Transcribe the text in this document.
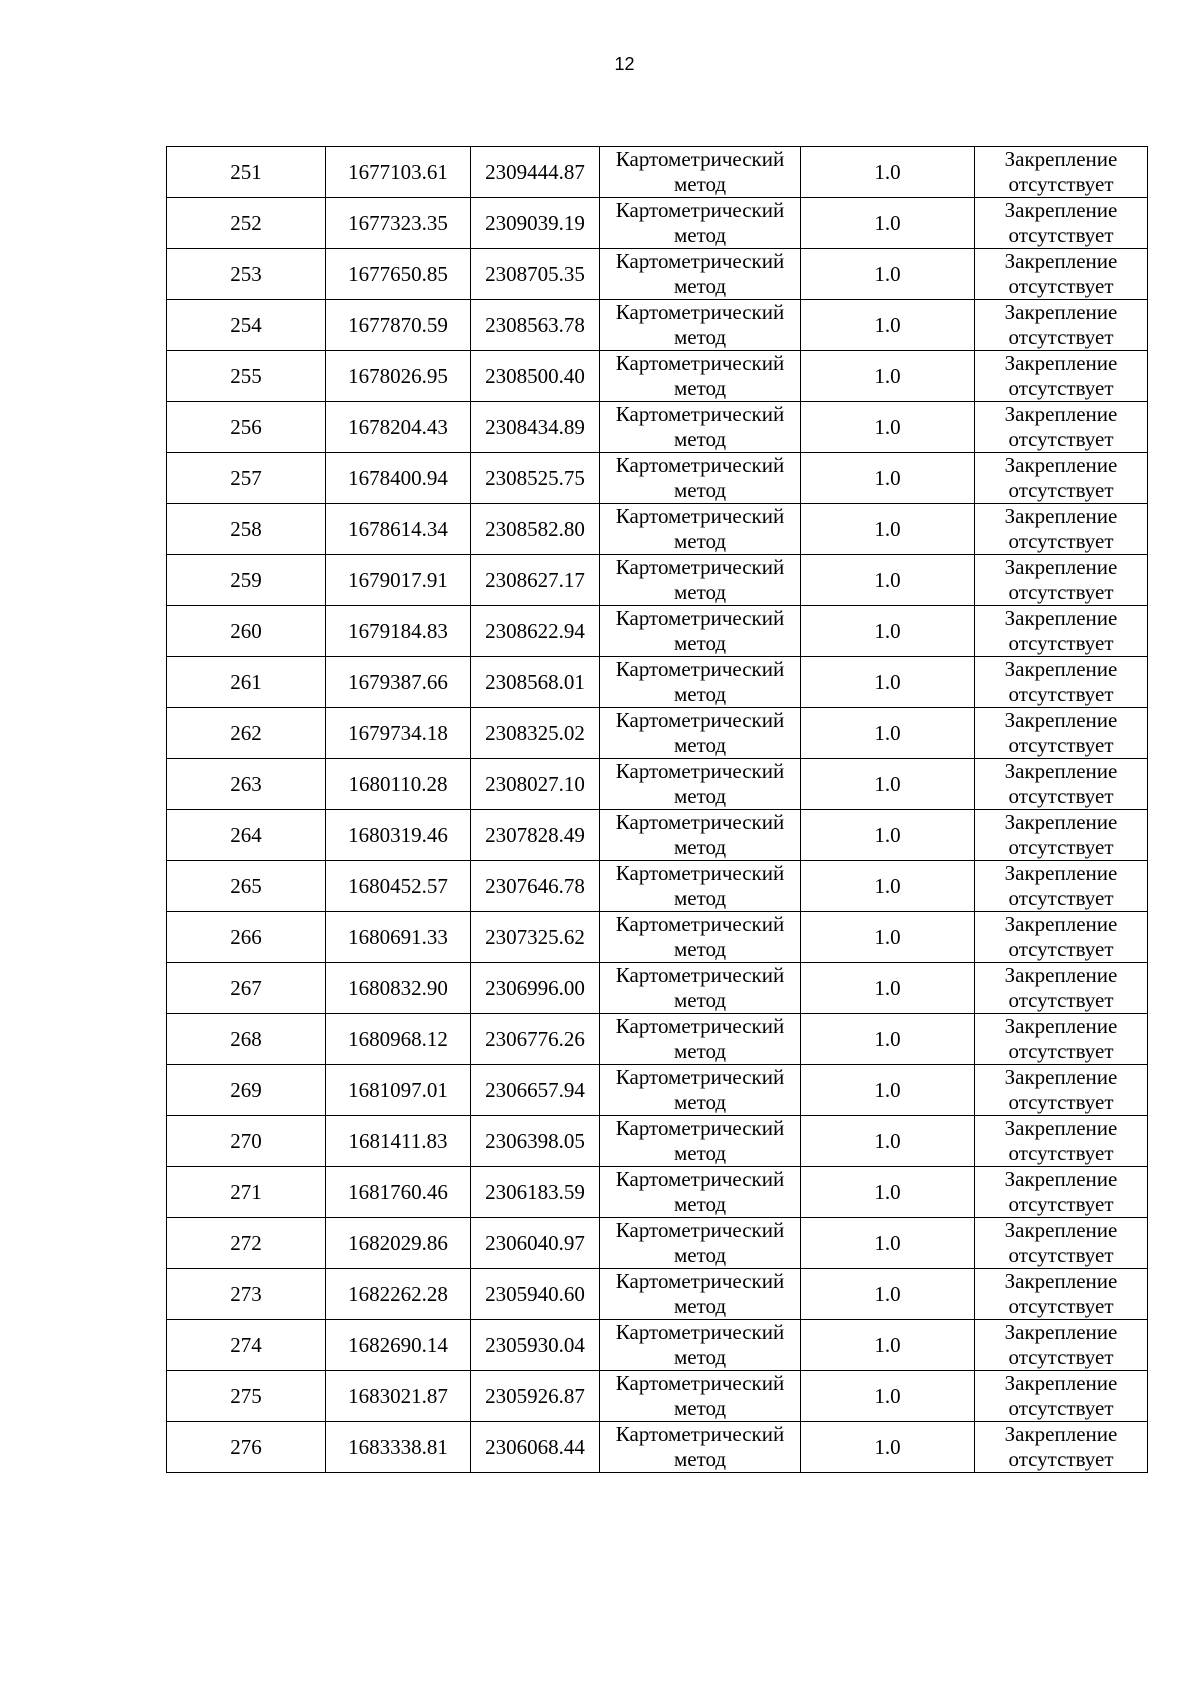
12
251	1677103.61	2309444.87	Картометрический метод	1.0	Закрепление отсутствует
252	1677323.35	2309039.19	Картометрический метод	1.0	Закрепление отсутствует
253	1677650.85	2308705.35	Картометрический метод	1.0	Закрепление отсутствует
254	1677870.59	2308563.78	Картометрический метод	1.0	Закрепление отсутствует
255	1678026.95	2308500.40	Картометрический метод	1.0	Закрепление отсутствует
256	1678204.43	2308434.89	Картометрический метод	1.0	Закрепление отсутствует
257	1678400.94	2308525.75	Картометрический метод	1.0	Закрепление отсутствует
258	1678614.34	2308582.80	Картометрический метод	1.0	Закрепление отсутствует
259	1679017.91	2308627.17	Картометрический метод	1.0	Закрепление отсутствует
260	1679184.83	2308622.94	Картометрический метод	1.0	Закрепление отсутствует
261	1679387.66	2308568.01	Картометрический метод	1.0	Закрепление отсутствует
262	1679734.18	2308325.02	Картометрический метод	1.0	Закрепление отсутствует
263	1680110.28	2308027.10	Картометрический метод	1.0	Закрепление отсутствует
264	1680319.46	2307828.49	Картометрический метод	1.0	Закрепление отсутствует
265	1680452.57	2307646.78	Картометрический метод	1.0	Закрепление отсутствует
266	1680691.33	2307325.62	Картометрический метод	1.0	Закрепление отсутствует
267	1680832.90	2306996.00	Картометрический метод	1.0	Закрепление отсутствует
268	1680968.12	2306776.26	Картометрический метод	1.0	Закрепление отсутствует
269	1681097.01	2306657.94	Картометрический метод	1.0	Закрепление отсутствует
270	1681411.83	2306398.05	Картометрический метод	1.0	Закрепление отсутствует
271	1681760.46	2306183.59	Картометрический метод	1.0	Закрепление отсутствует
272	1682029.86	2306040.97	Картометрический метод	1.0	Закрепление отсутствует
273	1682262.28	2305940.60	Картометрический метод	1.0	Закрепление отсутствует
274	1682690.14	2305930.04	Картометрический метод	1.0	Закрепление отсутствует
275	1683021.87	2305926.87	Картометрический метод	1.0	Закрепление отсутствует
276	1683338.81	2306068.44	Картометрический метод	1.0	Закрепление отсутствует
